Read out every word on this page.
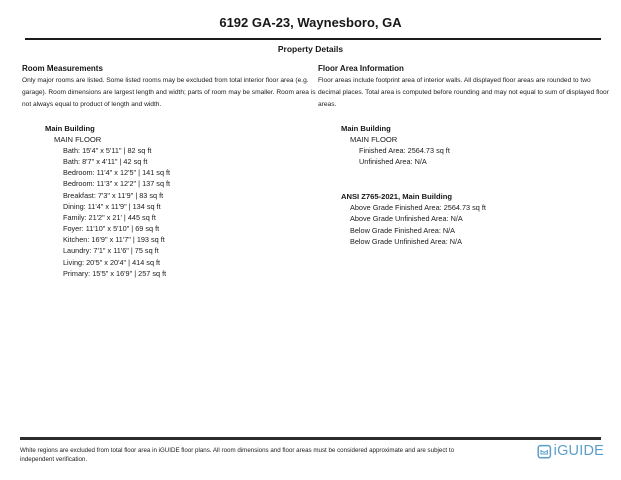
6192 GA-23, Waynesboro, GA
Property Details
Room Measurements
Only major rooms are listed. Some listed rooms may be excluded from total interior floor area (e.g. garage). Room dimensions are largest length and width; parts of room may be smaller. Room area is not always equal to product of length and width.
Main Building
MAIN FLOOR
Bath: 15'4" x 5'11" | 82 sq ft
Bath: 8'7" x 4'11" | 42 sq ft
Bedroom: 11'4" x 12'5" | 141 sq ft
Bedroom: 11'3" x 12'2" | 137 sq ft
Breakfast: 7'3" x 11'9" | 83 sq ft
Dining: 11'4" x 11'9" | 134 sq ft
Family: 21'2" x 21' | 445 sq ft
Foyer: 11'10" x 5'10" | 69 sq ft
Kitchen: 16'9" x 11'7" | 193 sq ft
Laundry: 7'1" x 11'6" | 75 sq ft
Living: 20'5" x 20'4" | 414 sq ft
Primary: 15'5" x 16'9" | 257 sq ft
Floor Area Information
Floor areas include footprint area of interior walls. All displayed floor areas are rounded to two decimal places. Total area is computed before rounding and may not equal to sum of displayed floor areas.
Main Building
MAIN FLOOR
Finished Area: 2564.73 sq ft
Unfinished Area: N/A
ANSI Z765-2021, Main Building
Above Grade Finished Area: 2564.73 sq ft
Above Grade Unfinished Area: N/A
Below Grade Finished Area: N/A
Below Grade Unfinished Area: N/A
White regions are excluded from total floor area in iGUIDE floor plans. All room dimensions and floor areas must be considered approximate and are subject to independent verification.
iGUIDE
